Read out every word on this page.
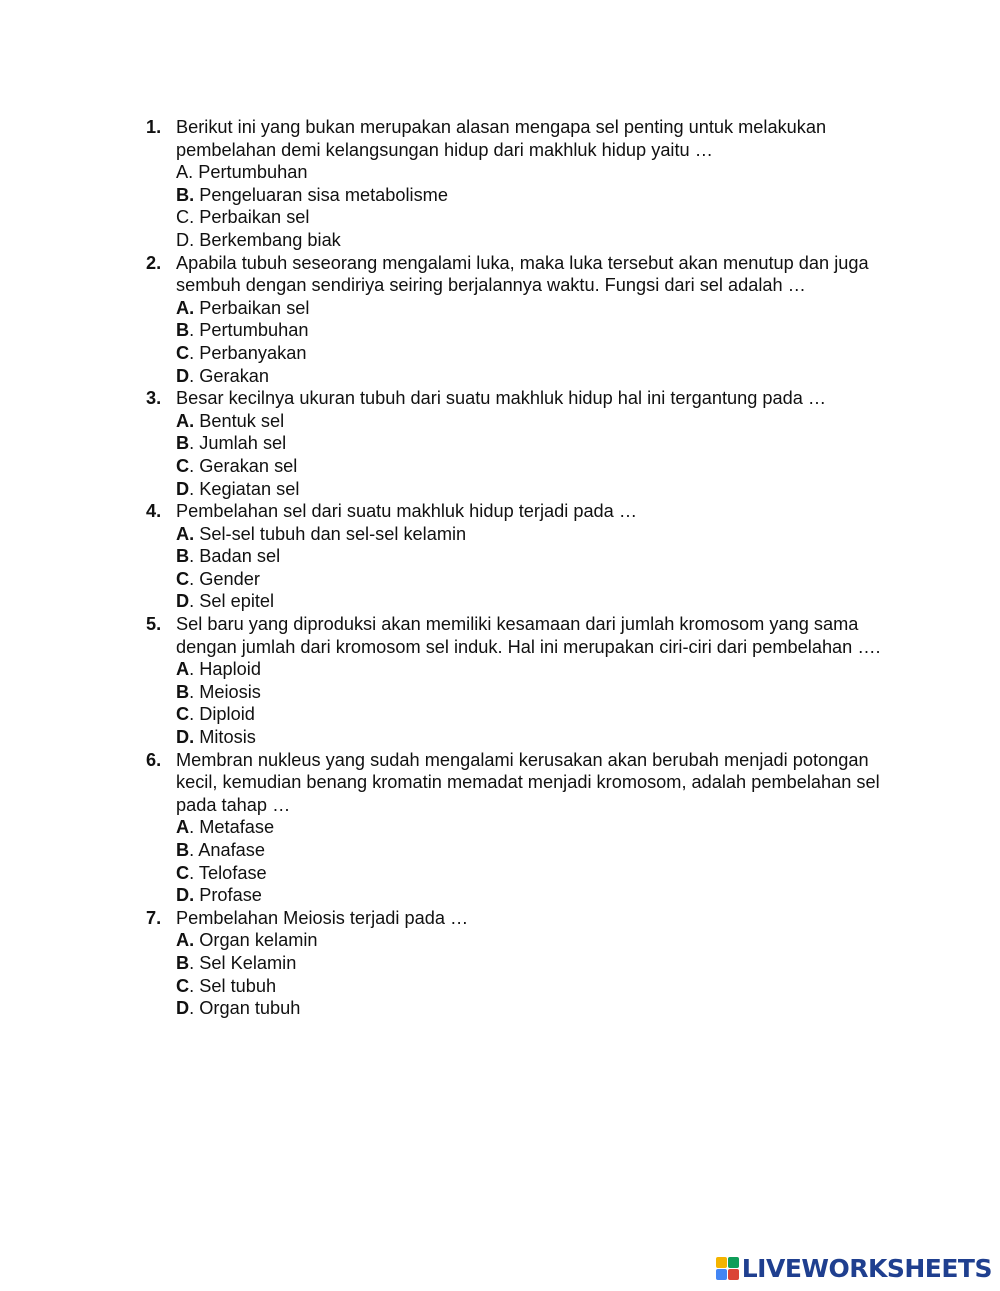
1. Berikut ini yang bukan merupakan alasan mengapa sel penting untuk melakukan pembelahan demi kelangsungan hidup dari makhluk hidup yaitu …
A. Pertumbuhan
B. Pengeluaran sisa metabolisme
C. Perbaikan sel
D. Berkembang biak
2. Apabila tubuh seseorang mengalami luka, maka luka tersebut akan menutup dan juga sembuh dengan sendiriya seiring berjalannya waktu. Fungsi dari sel adalah …
A. Perbaikan sel
B. Pertumbuhan
C. Perbanyakan
D. Gerakan
3. Besar kecilnya ukuran tubuh dari suatu makhluk hidup hal ini tergantung pada …
A. Bentuk sel
B. Jumlah sel
C. Gerakan sel
D. Kegiatan sel
4. Pembelahan sel dari suatu makhluk hidup terjadi pada …
A. Sel-sel tubuh dan sel-sel kelamin
B. Badan sel
C. Gender
D. Sel epitel
5. Sel baru yang diproduksi akan memiliki kesamaan dari jumlah kromosom yang sama dengan jumlah dari kromosom sel induk. Hal ini merupakan ciri-ciri dari pembelahan ….
A. Haploid
B. Meiosis
C. Diploid
D. Mitosis
6. Membran nukleus yang sudah mengalami kerusakan akan berubah menjadi potongan kecil, kemudian benang kromatin memadat menjadi kromosom, adalah pembelahan sel pada tahap …
A. Metafase
B. Anafase
C. Telofase
D. Profase
7. Pembelahan Meiosis terjadi pada …
A. Organ kelamin
B. Sel Kelamin
C. Sel tubuh
D. Organ tubuh
LIVEWORKSHEETS
